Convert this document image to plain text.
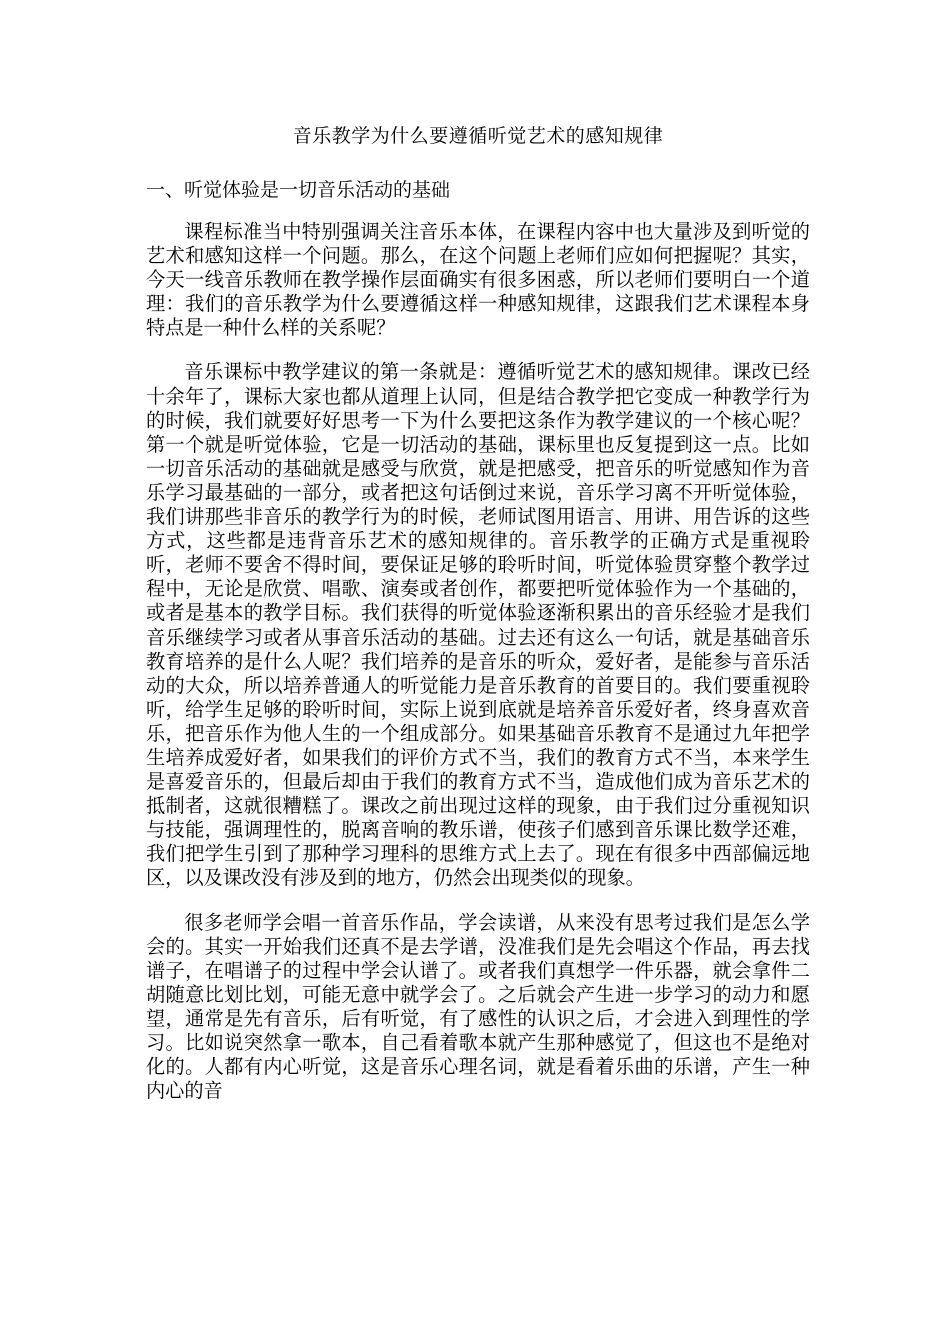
音乐教学为什么要遵循听觉艺术的感知规律
一、听觉体验是一切音乐活动的基础

课程标准当中特别强调关注音乐本体，在课程内容中也大量涉及到听觉的艺术和感知这样一个问题。那么，在这个问题上老师们应如何把握呢？其实，今天一线音乐教师在教学操作层面确实有很多困惑，所以老师们要明白一个道理：我们的音乐教学为什么要遵循这样一种感知规律，这跟我们艺术课程本身特点是一种什么样的关系呢？

音乐课标中教学建议的第一条就是：遵循听觉艺术的感知规律。课改已经十余年了，课标大家也都从道理上认同，但是结合教学把它变成一种教学行为的时候，我们就要好好思考一下为什么要把这条作为教学建议的一个核心呢？第一个就是听觉体验，它是一切活动的基础，课标里也反复提到这一点。比如一切音乐活动的基础就是感受与欣赏，就是把感受，把音乐的听觉感知作为音乐学习最基础的一部分，或者把这句话倒过来说，音乐学习离不开听觉体验，我们讲那些非音乐的教学行为的时候，老师试图用语言、用讲、用告诉的这些方式，这些都是违背音乐艺术的感知规律的。音乐教学的正确方式是重视聆听，老师不要舍不得时间，要保证足够的聆听时间，听觉体验贯穿整个教学过程中，无论是欣赏、唱歌、演奏或者创作，都要把听觉体验作为一个基础的，或者是基本的教学目标。我们获得的听觉体验逐渐积累出的音乐经验才是我们音乐继续学习或者从事音乐活动的基础。过去还有这么一句话，就是基础音乐教育培养的是什么人呢？我们培养的是音乐的听众，爱好者，是能参与音乐活动的大众，所以培养普通人的听觉能力是音乐教育的首要目的。我们要重视聆听，给学生足够的聆听时间，实际上说到底就是培养音乐爱好者，终身喜欢音乐，把音乐作为他人生的一个组成部分。如果基础音乐教育不是通过九年把学生培养成爱好者，如果我们的评价方式不当，我们的教育方式不当，本来学生是喜爱音乐的，但最后却由于我们的教育方式不当，造成他们成为音乐艺术的抵制者，这就很糟糕了。课改之前出现过这样的现象，由于我们过分重视知识与技能，强调理性的，脱离音响的教乐谱，使孩子们感到音乐课比数学还难，我们把学生引到了那种学习理科的思维方式上去了。现在有很多中西部偏远地区，以及课改没有涉及到的地方，仍然会出现类似的现象。

很多老师学会唱一首音乐作品，学会读谱，从来没有思考过我们是怎么学会的。其实一开始我们还真不是去学谱，没准我们是先会唱这个作品，再去找谱子，在唱谱子的过程中学会认谱了。或者我们真想学一件乐器，就会拿件二胡随意比划比划，可能无意中就学会了。之后就会产生进一步学习的动力和愿望，通常是先有音乐，后有听觉，有了感性的认识之后，才会进入到理性的学习。比如说突然拿一歌本，自己看着歌本就产生那种感觉了，但这也不是绝对化的。人都有内心听觉，这是音乐心理名词，就是看着乐曲的乐谱，产生一种内心的音
